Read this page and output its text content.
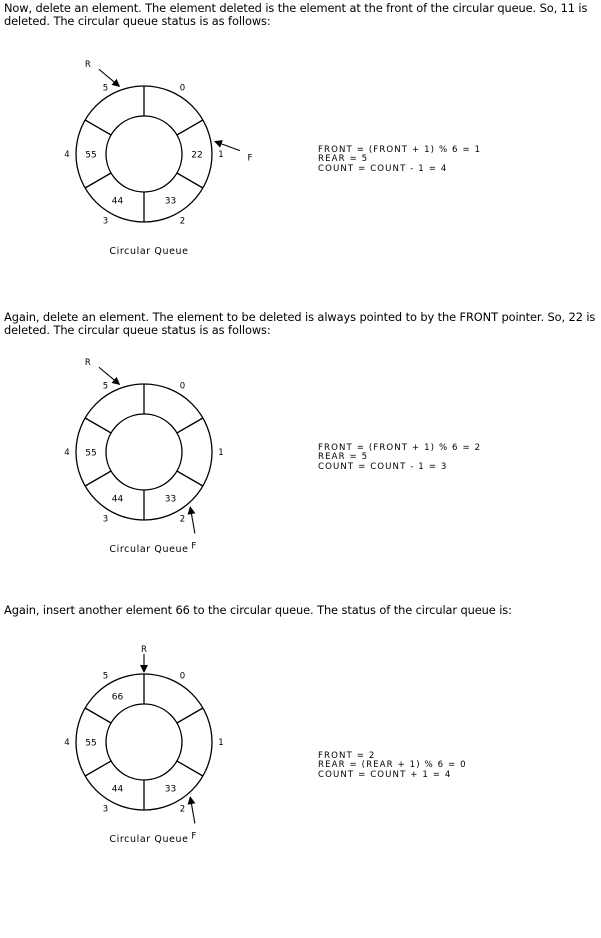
Now, delete an element. The element deleted is the element at the front of the circular queue. So, 11 is deleted. The circular queue status is as follows:
22
33
44
55
0
1
2
3
4
5
R
F
Circular Queue
FRONT = (FRONT + 1) % 6 = 1
REAR = 5
COUNT = COUNT - 1 = 4
Again, delete an element. The element to be deleted is always pointed to by the FRONT pointer. So, 22 is deleted. The circular queue status is as follows:
33
44
55
0
1
2
3
4
5
R
F
Circular Queue
FRONT = (FRONT + 1) % 6 = 2
REAR = 5
COUNT = COUNT - 1 = 3
Again, insert another element 66 to the circular queue. The status of the circular queue is:
33
44
55
66
0
1
2
3
4
5
R
F
Circular Queue
FRONT = 2
REAR = (REAR + 1) % 6 = 0
COUNT = COUNT + 1 = 4
